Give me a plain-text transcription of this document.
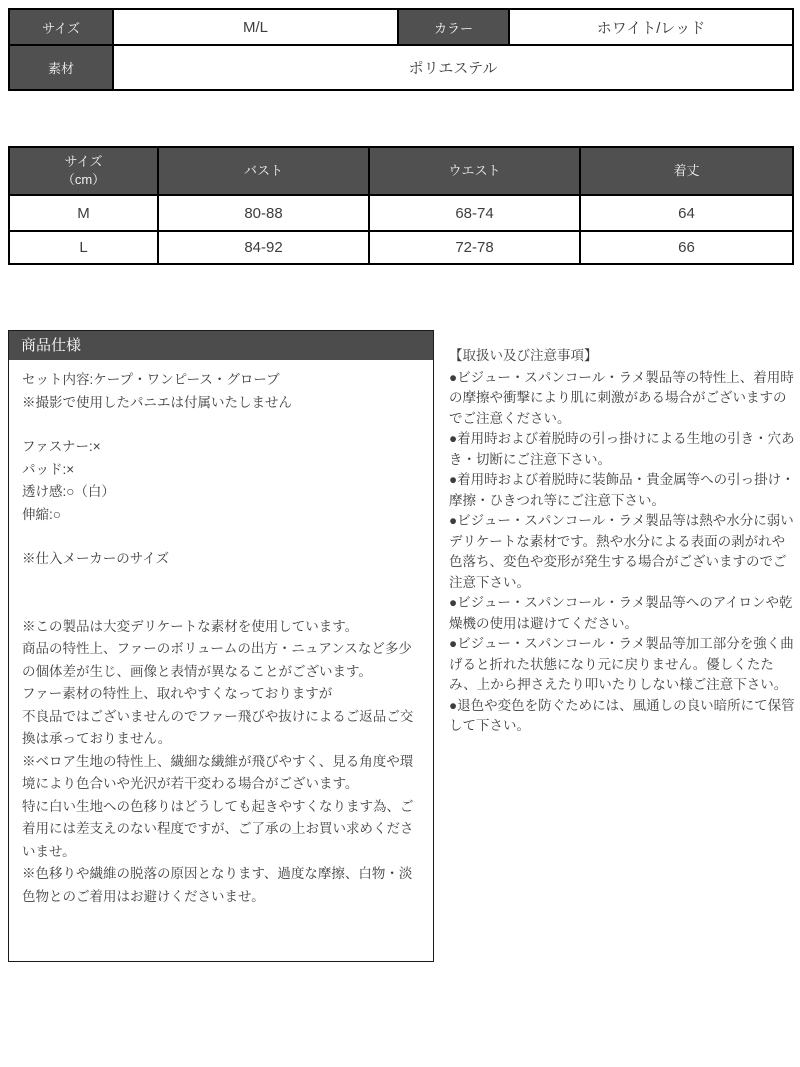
サイズ	M/L	カラー	ホワイト/レッド
素材	ポリエステル		
サイズ
（cm）	バスト	ウエスト	着丈
M	80-88	68-74	64
L	84-92	72-78	66
商品仕様

セット内容:ケープ・ワンピース・グローブ

※撮影で使用したパニエは付属いたしません

ファスナー:×

パッド:×

透け感:○（白）

伸縮:○

※仕入メーカーのサイズ

※この製品は大変デリケートな素材を使用しています。

商品の特性上、ファーのボリュームの出方・ニュアンスなど多少の個体差が生じ、画像と表情が異なることがございます。

ファー素材の特性上、取れやすくなっておりますが

不良品ではございませんのでファー飛びや抜けによるご返品ご交換は承っておりません。

※ベロア生地の特性上、繊細な繊維が飛びやすく、見る角度や環境により色合いや光沢が若干変わる場合がございます。

特に白い生地への色移りはどうしても起きやすくなります為、ご着用には差支えのない程度ですが、ご了承の上お買い求めくださいませ。

※色移りや繊維の脱落の原因となります、過度な摩擦、白物・淡色物とのご着用はお避けくださいませ。

【取扱い及び注意事項】

●ビジュー・スパンコール・ラメ製品等の特性上、着用時の摩擦や衝撃により肌に刺激がある場合がございますのでご注意ください。

●着用時および着脱時の引っ掛けによる生地の引き・穴あき・切断にご注意下さい。

●着用時および着脱時に装飾品・貴金属等への引っ掛け・摩擦・ひきつれ等にご注意下さい。

●ビジュー・スパンコール・ラメ製品等は熱や水分に弱いデリケートな素材です。熱や水分による表面の剥がれや色落ち、変色や変形が発生する場合がございますのでご注意下さい。

●ビジュー・スパンコール・ラメ製品等へのアイロンや乾燥機の使用は避けてください。

●ビジュー・スパンコール・ラメ製品等加工部分を強く曲げると折れた状態になり元に戻りません。優しくたたみ、上から押さえたり叩いたりしない様ご注意下さい。

●退色や変色を防ぐためには、風通しの良い暗所にて保管して下さい。
